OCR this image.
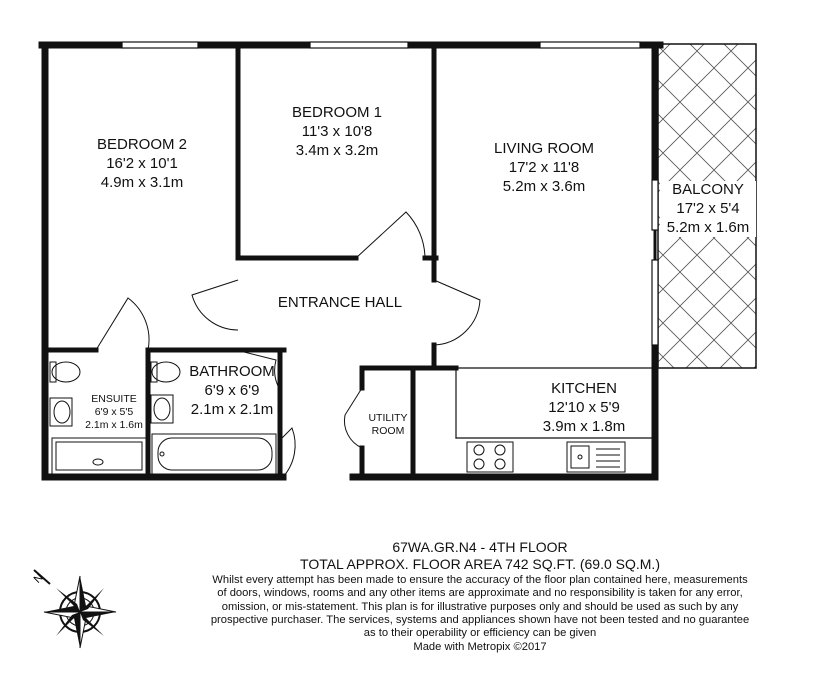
N
BEDROOM 2
16'2 x 10'1
4.9m x 3.1m
BEDROOM 1
11'3 x 10'8
3.4m x 3.2m	LIVING ROOM
17'2 x 11'8
5.2m x 3.6m	BALCONY
17'2 x 5'4
5.2m x 1.6m
ENTRANCE HALL
ENSUITE
6'9 x 5'5
2.1m x 1.6m
BATHROOM
6'9 x 6'9
2.1m x 2.1m
UTILITY
ROOM
KITCHEN
12'10 x 5'9
3.9m x 1.8m
67WA.GR.N4 - 4TH FLOOR
TOTAL APPROX. FLOOR AREA 742 SQ.FT. (69.0 SQ.M.)
Whilst every attempt has been made to ensure the accuracy of the floor plan contained here, measurements
of doors, windows, rooms and any other items are approximate and no responsibility is taken for any error,
omission, or mis-statement. This plan is for illustrative purposes only and should be used as such by any
prospective purchaser. The services, systems and appliances shown have not been tested and no guarantee
as to their operability or efficiency can be given
Made with Metropix ©2017
